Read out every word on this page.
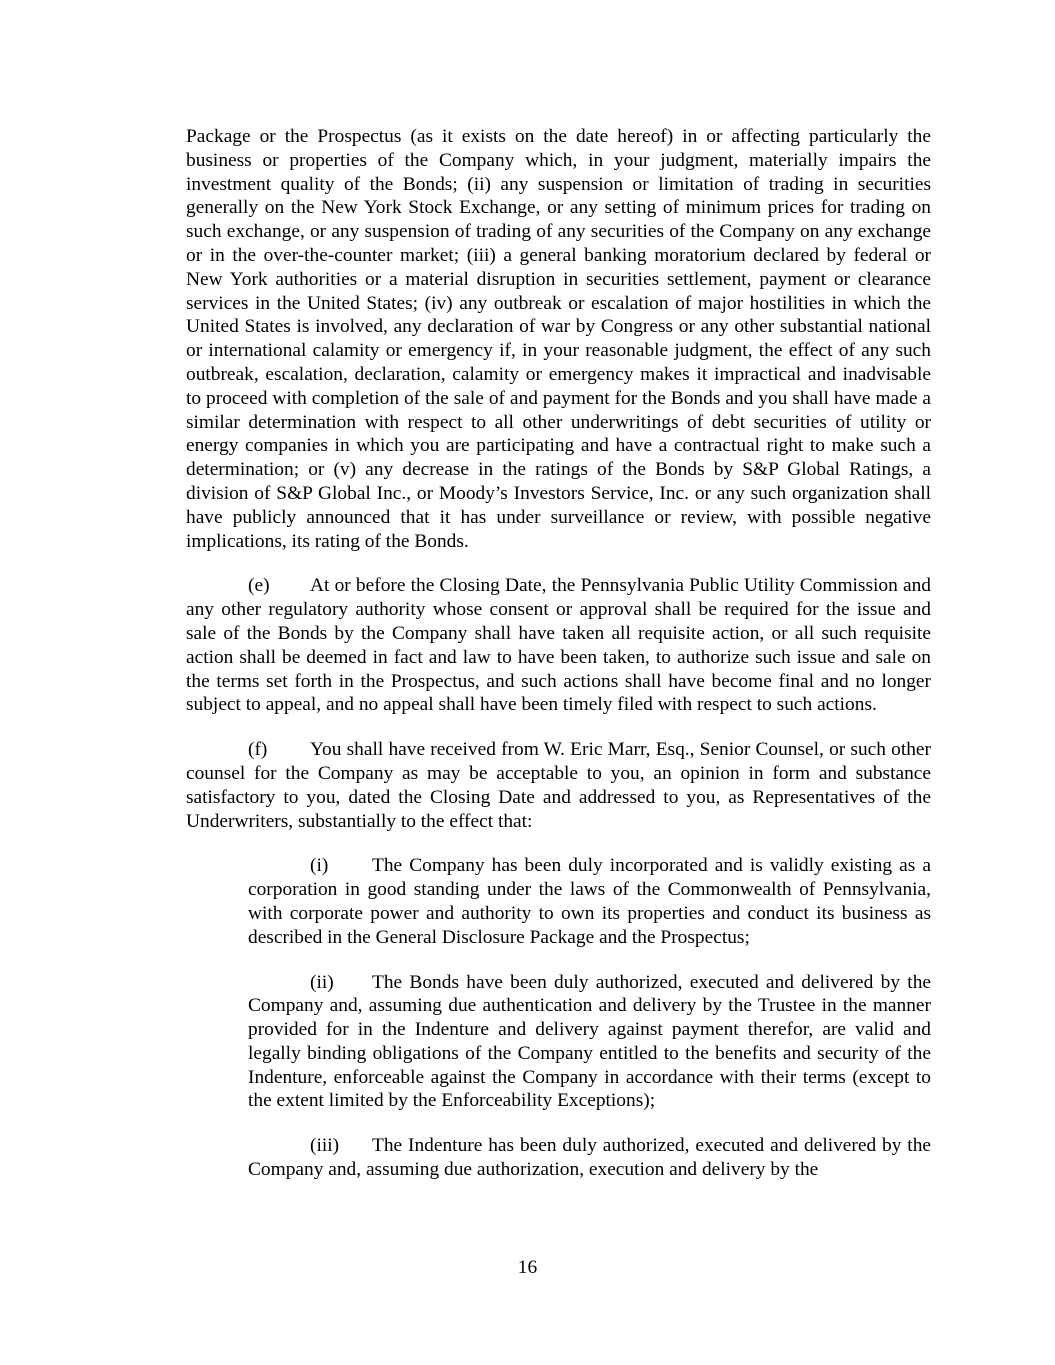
Package or the Prospectus (as it exists on the date hereof) in or affecting particularly the business or properties of the Company which, in your judgment, materially impairs the investment quality of the Bonds; (ii) any suspension or limitation of trading in securities generally on the New York Stock Exchange, or any setting of minimum prices for trading on such exchange, or any suspension of trading of any securities of the Company on any exchange or in the over-the-counter market; (iii) a general banking moratorium declared by federal or New York authorities or a material disruption in securities settlement, payment or clearance services in the United States; (iv) any outbreak or escalation of major hostilities in which the United States is involved, any declaration of war by Congress or any other substantial national or international calamity or emergency if, in your reasonable judgment, the effect of any such outbreak, escalation, declaration, calamity or emergency makes it impractical and inadvisable to proceed with completion of the sale of and payment for the Bonds and you shall have made a similar determination with respect to all other underwritings of debt securities of utility or energy companies in which you are participating and have a contractual right to make such a determination; or (v) any decrease in the ratings of the Bonds by S&P Global Ratings, a division of S&P Global Inc., or Moody’s Investors Service, Inc. or any such organization shall have publicly announced that it has under surveillance or review, with possible negative implications, its rating of the Bonds.

(e) At or before the Closing Date, the Pennsylvania Public Utility Commission and any other regulatory authority whose consent or approval shall be required for the issue and sale of the Bonds by the Company shall have taken all requisite action, or all such requisite action shall be deemed in fact and law to have been taken, to authorize such issue and sale on the terms set forth in the Prospectus, and such actions shall have become final and no longer subject to appeal, and no appeal shall have been timely filed with respect to such actions.

(f) You shall have received from W. Eric Marr, Esq., Senior Counsel, or such other counsel for the Company as may be acceptable to you, an opinion in form and substance satisfactory to you, dated the Closing Date and addressed to you, as Representatives of the Underwriters, substantially to the effect that:

(i) The Company has been duly incorporated and is validly existing as a corporation in good standing under the laws of the Commonwealth of Pennsylvania, with corporate power and authority to own its properties and conduct its business as described in the General Disclosure Package and the Prospectus;

(ii) The Bonds have been duly authorized, executed and delivered by the Company and, assuming due authentication and delivery by the Trustee in the manner provided for in the Indenture and delivery against payment therefor, are valid and legally binding obligations of the Company entitled to the benefits and security of the Indenture, enforceable against the Company in accordance with their terms (except to the extent limited by the Enforceability Exceptions);

(iii) The Indenture has been duly authorized, executed and delivered by the Company and, assuming due authorization, execution and delivery by the

16
